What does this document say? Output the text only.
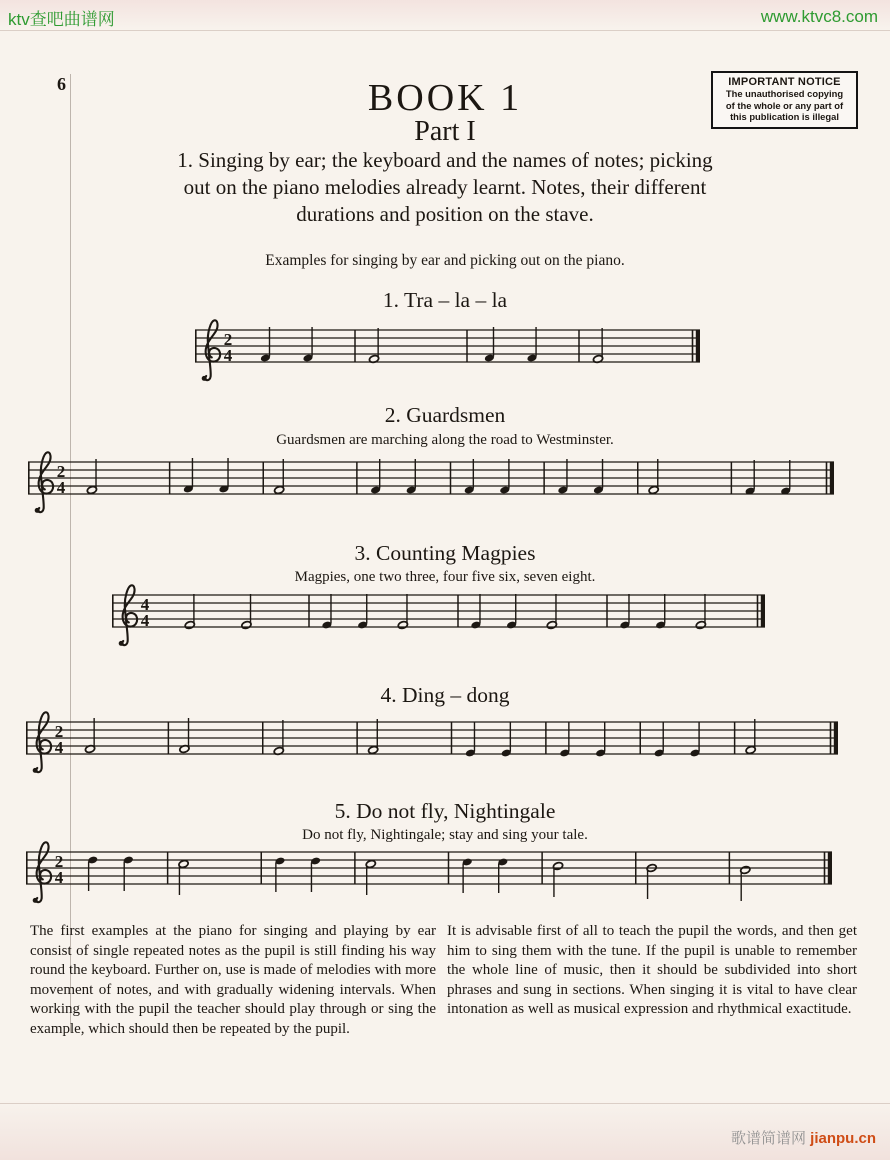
ktv查吧曲谱网	www.ktvc8.com
6	IMPORTANT NOTICE
The unauthorised copying
of the whole or any part of
this publication is illegal
BOOK 1
Part I
1. Singing by ear; the keyboard and the names of notes; picking
out on the piano melodies already learnt. Notes, their different
durations and position on the stave.
Examples for singing by ear and picking out on the piano.
1. Tra – la – la
2
4
2. Guardsmen
Guardsmen are marching along the road to Westminster.
2
4
3. Counting Magpies
Magpies, one two three, four five six, seven eight.
4
4
4. Ding – dong
2
4
5. Do not fly, Nightingale
Do not fly, Nightingale; stay and sing your tale.
2
4
The first examples at the piano for singing and playing by ear consist of single repeated notes as the pupil is still finding his way round the keyboard. Further on, use is made of melodies with more movement of notes, and with gradually widening intervals. When working with the pupil the teacher should play through or sing the example, which should then be repeated by the pupil.
It is advisable first of all to teach the pupil the words, and then get him to sing them with the tune. If the pupil is unable to remember the whole line of music, then it should be subdivided into short phrases and sung in sections. When singing it is vital to have clear intonation as well as musical expression and rhythmical exactitude.
歌谱简谱网 jianpu.cn
